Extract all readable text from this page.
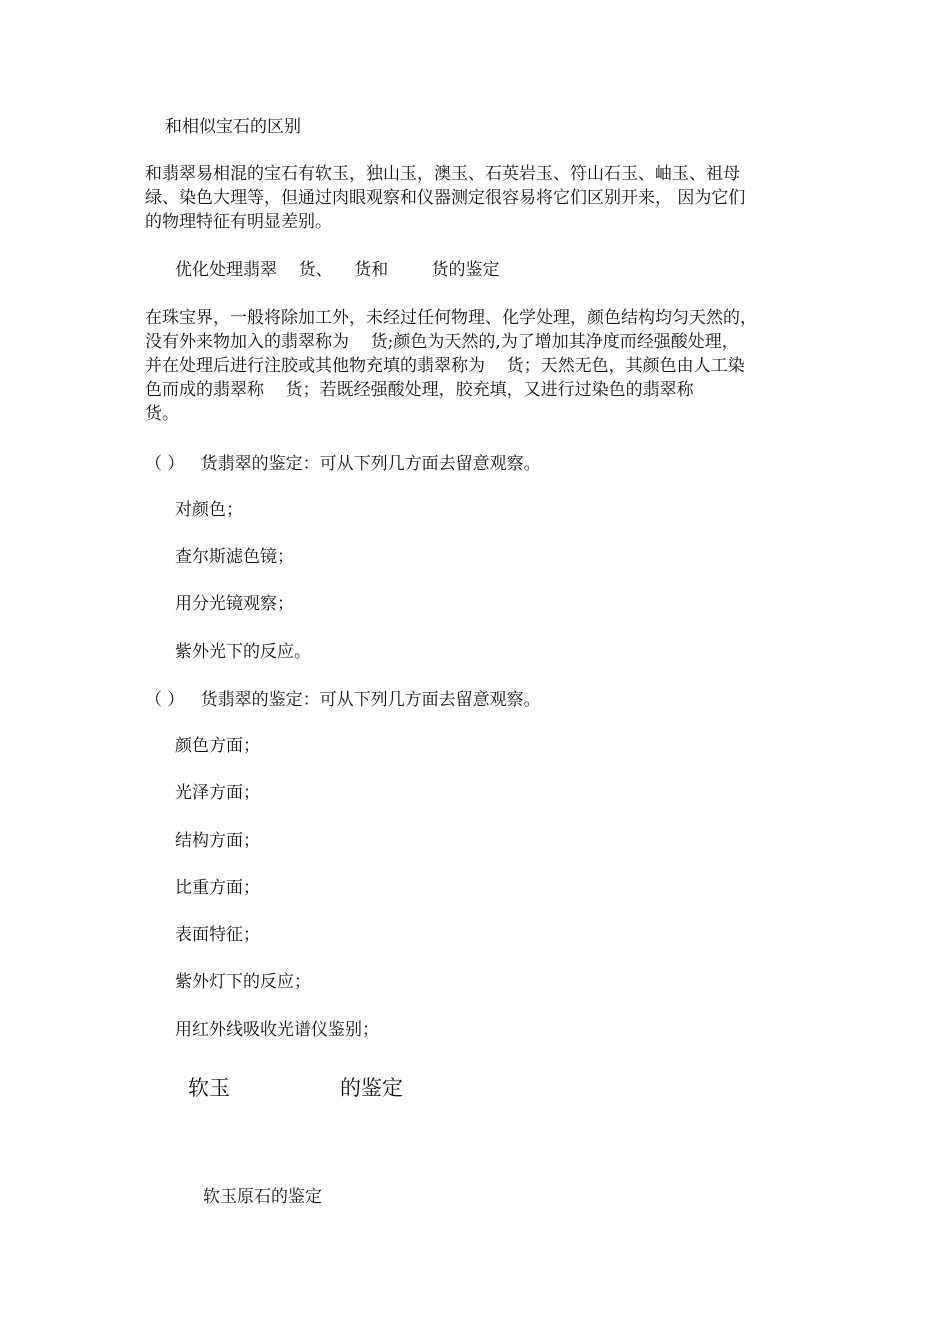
和相似宝石的区别
和翡翠易相混的宝石有软玉，独山玉，澳玉、石英岩玉、符山石玉、岫玉、祖母
绿、染色大理等，但通过肉眼观察和仪器测定很容易将它们区别开来， 因为它们
的物理特征有明显差别。
优化处理翡翠    货、    货和        货的鉴定
在珠宝界，一般将除加工外，未经过任何物理、化学处理，颜色结构均匀天然的，
没有外来物加入的翡翠称为    货;颜色为天然的,为了增加其净度而经强酸处理，
并在处理后进行注胶或其他物充填的翡翠称为    货；天然无色，其颜色由人工染
色而成的翡翠称    货；若既经强酸处理，胶充填，又进行过染色的翡翠称
货。
（ ）   货翡翠的鉴定：可从下列几方面去留意观察。
对颜色；
查尔斯滤色镜；
用分光镜观察；
紫外光下的反应。
（ ）   货翡翠的鉴定：可从下列几方面去留意观察。
颜色方面；
光泽方面；
结构方面；
比重方面；
表面特征；
紫外灯下的反应；
用红外线吸收光谱仪鉴别；
软玉	的鉴定
软玉原石的鉴定
